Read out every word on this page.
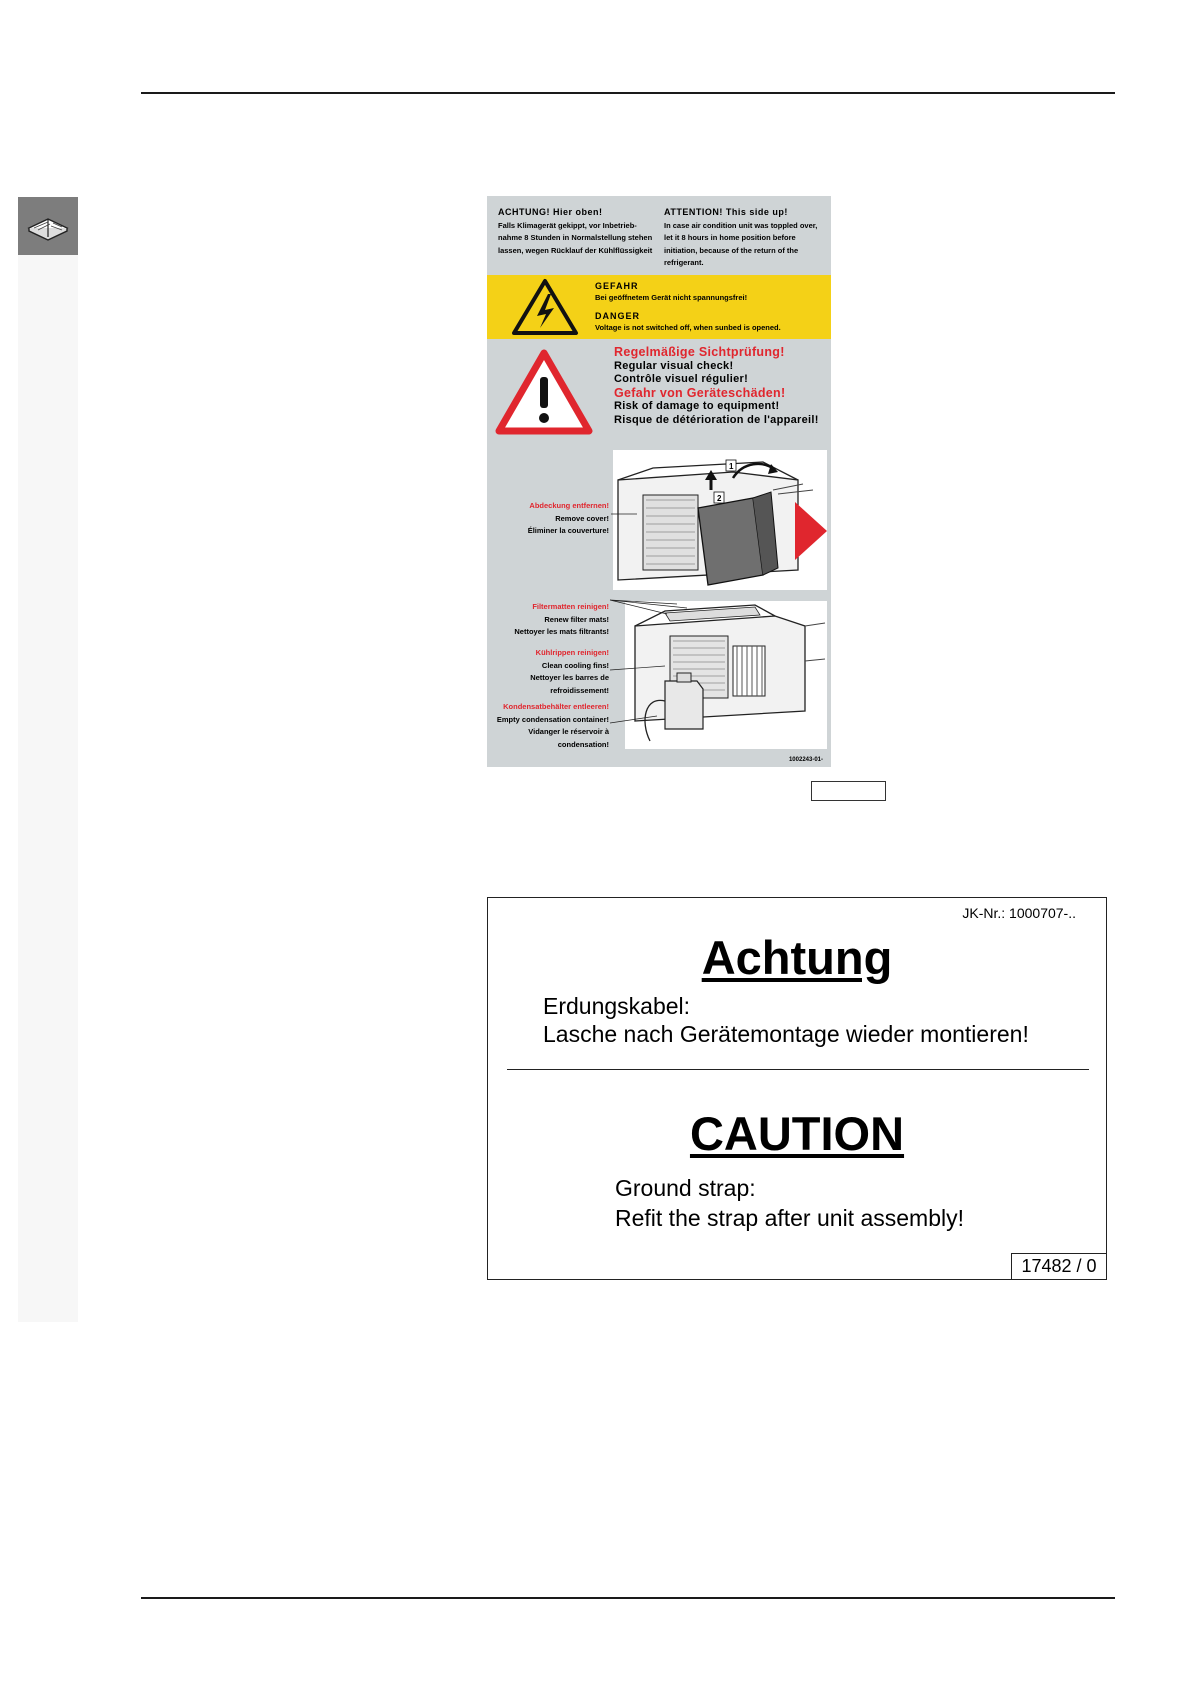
ACHTUNG! Hier oben!
Falls Klimagerät gekippt, vor Inbetrieb-
nahme 8 Stunden in Normalstellung stehen
lassen, wegen Rücklauf der Kühlflüssigkeit
ATTENTION! This side up!
In case air condition unit was toppled over,
let it 8 hours in home position before
initiation, because of the return of the
refrigerant.
GEFAHR
Bei geöffnetem Gerät nicht spannungsfrei!
DANGER
Voltage is not switched off, when sunbed is opened.
Regelmäßige Sichtprüfung!
Regular visual check!
Contrôle visuel régulier!
Gefahr von Geräteschäden!
Risk of damage to equipment!
Risque de détérioration de l'appareil!
Abdeckung entfernen!
Remove cover!
Éliminer la couverture!
1
2
Filtermatten reinigen!
Renew filter mats!
Nettoyer les mats filtrants!
Kühlrippen reinigen!
Clean cooling fins!
Nettoyer les barres de
refroidissement!
Kondensatbehälter entleeren!
Empty condensation container!
Vidanger le réservoir à
condensation!
1002243-01-
JK-Nr.: 1000707-..
Achtung
Erdungskabel:
Lasche nach Gerätemontage wieder montieren!
CAUTION
Ground strap:
Refit the strap after unit assembly!
17482 / 0
